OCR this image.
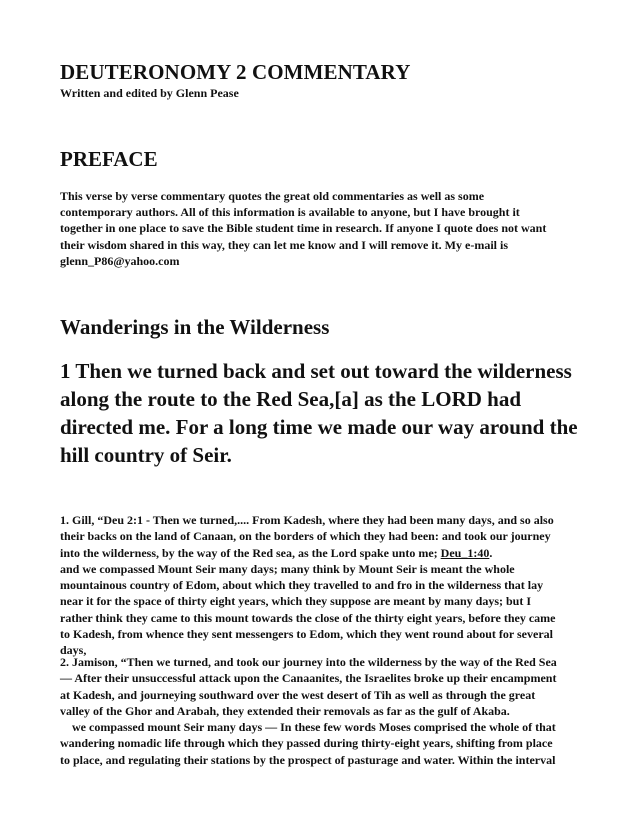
DEUTERONOMY 2 COMMENTARY
Written and edited by Glenn Pease
PREFACE
This verse by verse commentary quotes the great old commentaries as well as some
contemporary authors. All of this information is available to anyone, but I have brought it
together in one place to save the Bible student time in research. If anyone I quote does not want
their wisdom shared in this way, they can let me know and I will remove it. My e-mail is
glenn_P86@yahoo.com
Wanderings in the Wilderness
1 Then we turned back and set out toward the wilderness
along the route to the Red Sea,[a] as the LORD had
directed me. For a long time we made our way around the
hill country of Seir.
1. Gill, “Deu 2:1 - Then we turned,.... From Kadesh, where they had been many days, and so also
their backs on the land of Canaan, on the borders of which they had been: and took our journey
into the wilderness, by the way of the Red sea, as the Lord spake unto me; Deu_1:40.
and we compassed Mount Seir many days; many think by Mount Seir is meant the whole
mountainous country of Edom, about which they travelled to and fro in the wilderness that lay
near it for the space of thirty eight years, which they suppose are meant by many days; but I
rather think they came to this mount towards the close of the thirty eight years, before they came
to Kadesh, from whence they sent messengers to Edom, which they went round about for several
days,
2. Jamison, “Then we turned, and took our journey into the wilderness by the way of the Red Sea
— After their unsuccessful attack upon the Canaanites, the Israelites broke up their encampment
at Kadesh, and journeying southward over the west desert of Tih as well as through the great
valley of the Ghor and Arabah, they extended their removals as far as the gulf of Akaba.
we compassed mount Seir many days — In these few words Moses comprised the whole of that
wandering nomadic life through which they passed during thirty-eight years, shifting from place
to place, and regulating their stations by the prospect of pasturage and water. Within the interval
